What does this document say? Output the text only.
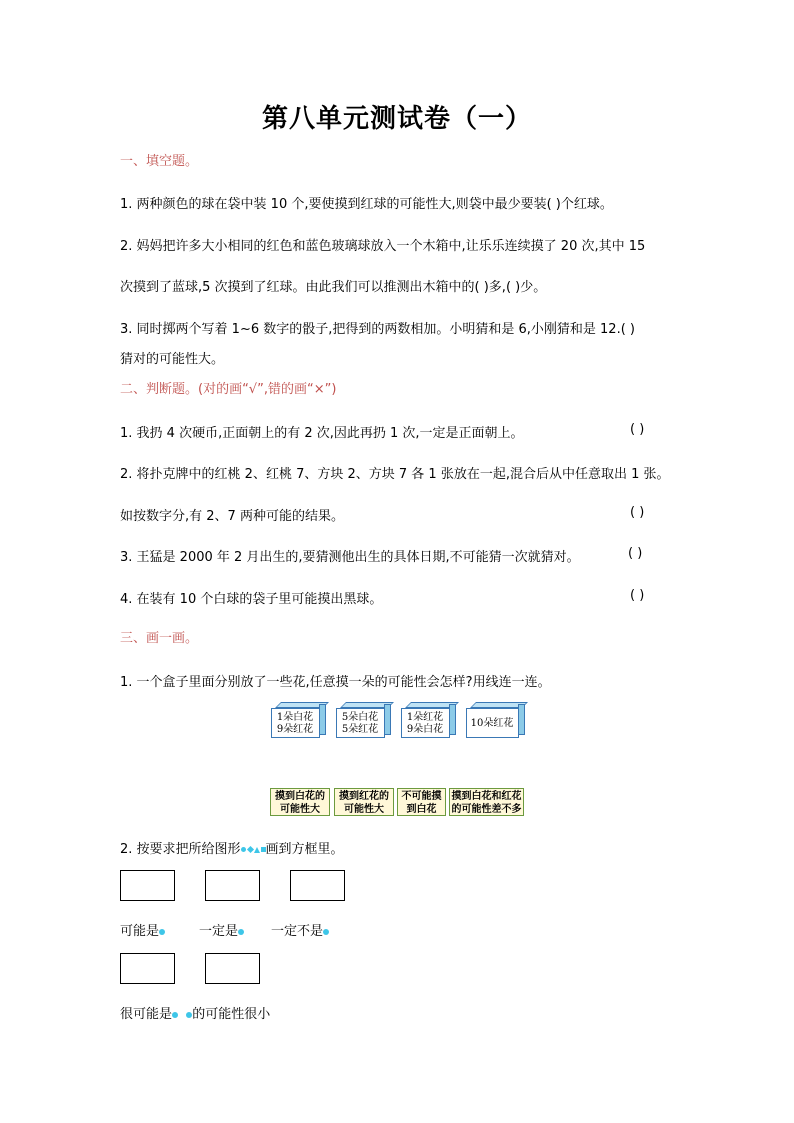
第八单元测试卷（一）
一、填空题。
1. 两种颜色的球在袋中装 10 个,要使摸到红球的可能性大,则袋中最少要装( )个红球。
2. 妈妈把许多大小相同的红色和蓝色玻璃球放入一个木箱中,让乐乐连续摸了 20 次,其中 15
次摸到了蓝球,5 次摸到了红球。由此我们可以推测出木箱中的( )多,( )少。
3. 同时掷两个写着 1~6 数字的骰子,把得到的两数相加。小明猜和是 6,小刚猜和是 12.( )
猜对的可能性大。
二、判断题。(对的画“√”,错的画“×”)
1. 我扔 4 次硬币,正面朝上的有 2 次,因此再扔 1 次,一定是正面朝上。	( )
2. 将扑克牌中的红桃 2、红桃 7、方块 2、方块 7 各 1 张放在一起,混合后从中任意取出 1 张。
如按数字分,有 2、7 两种可能的结果。	( )
3. 王猛是 2000 年 2 月出生的,要猜测他出生的具体日期,不可能猜一次就猜对。	( )
4. 在装有 10 个白球的袋子里可能摸出黑球。	( )
三、画一画。
1. 一个盒子里面分别放了一些花,任意摸一朵的可能性会怎样?用线连一连。
1朵白花
9朵红花
5朵白花
5朵红花
1朵红花
9朵白花
10朵红花
摸到白花的
可能性大
摸到红花的
可能性大
不可能摸
到白花
摸到白花和红花
的可能性差不多
2. 按要求把所给图形 画到方框里。
可能是	一定是	一定不是
很可能是 的可能性很小
